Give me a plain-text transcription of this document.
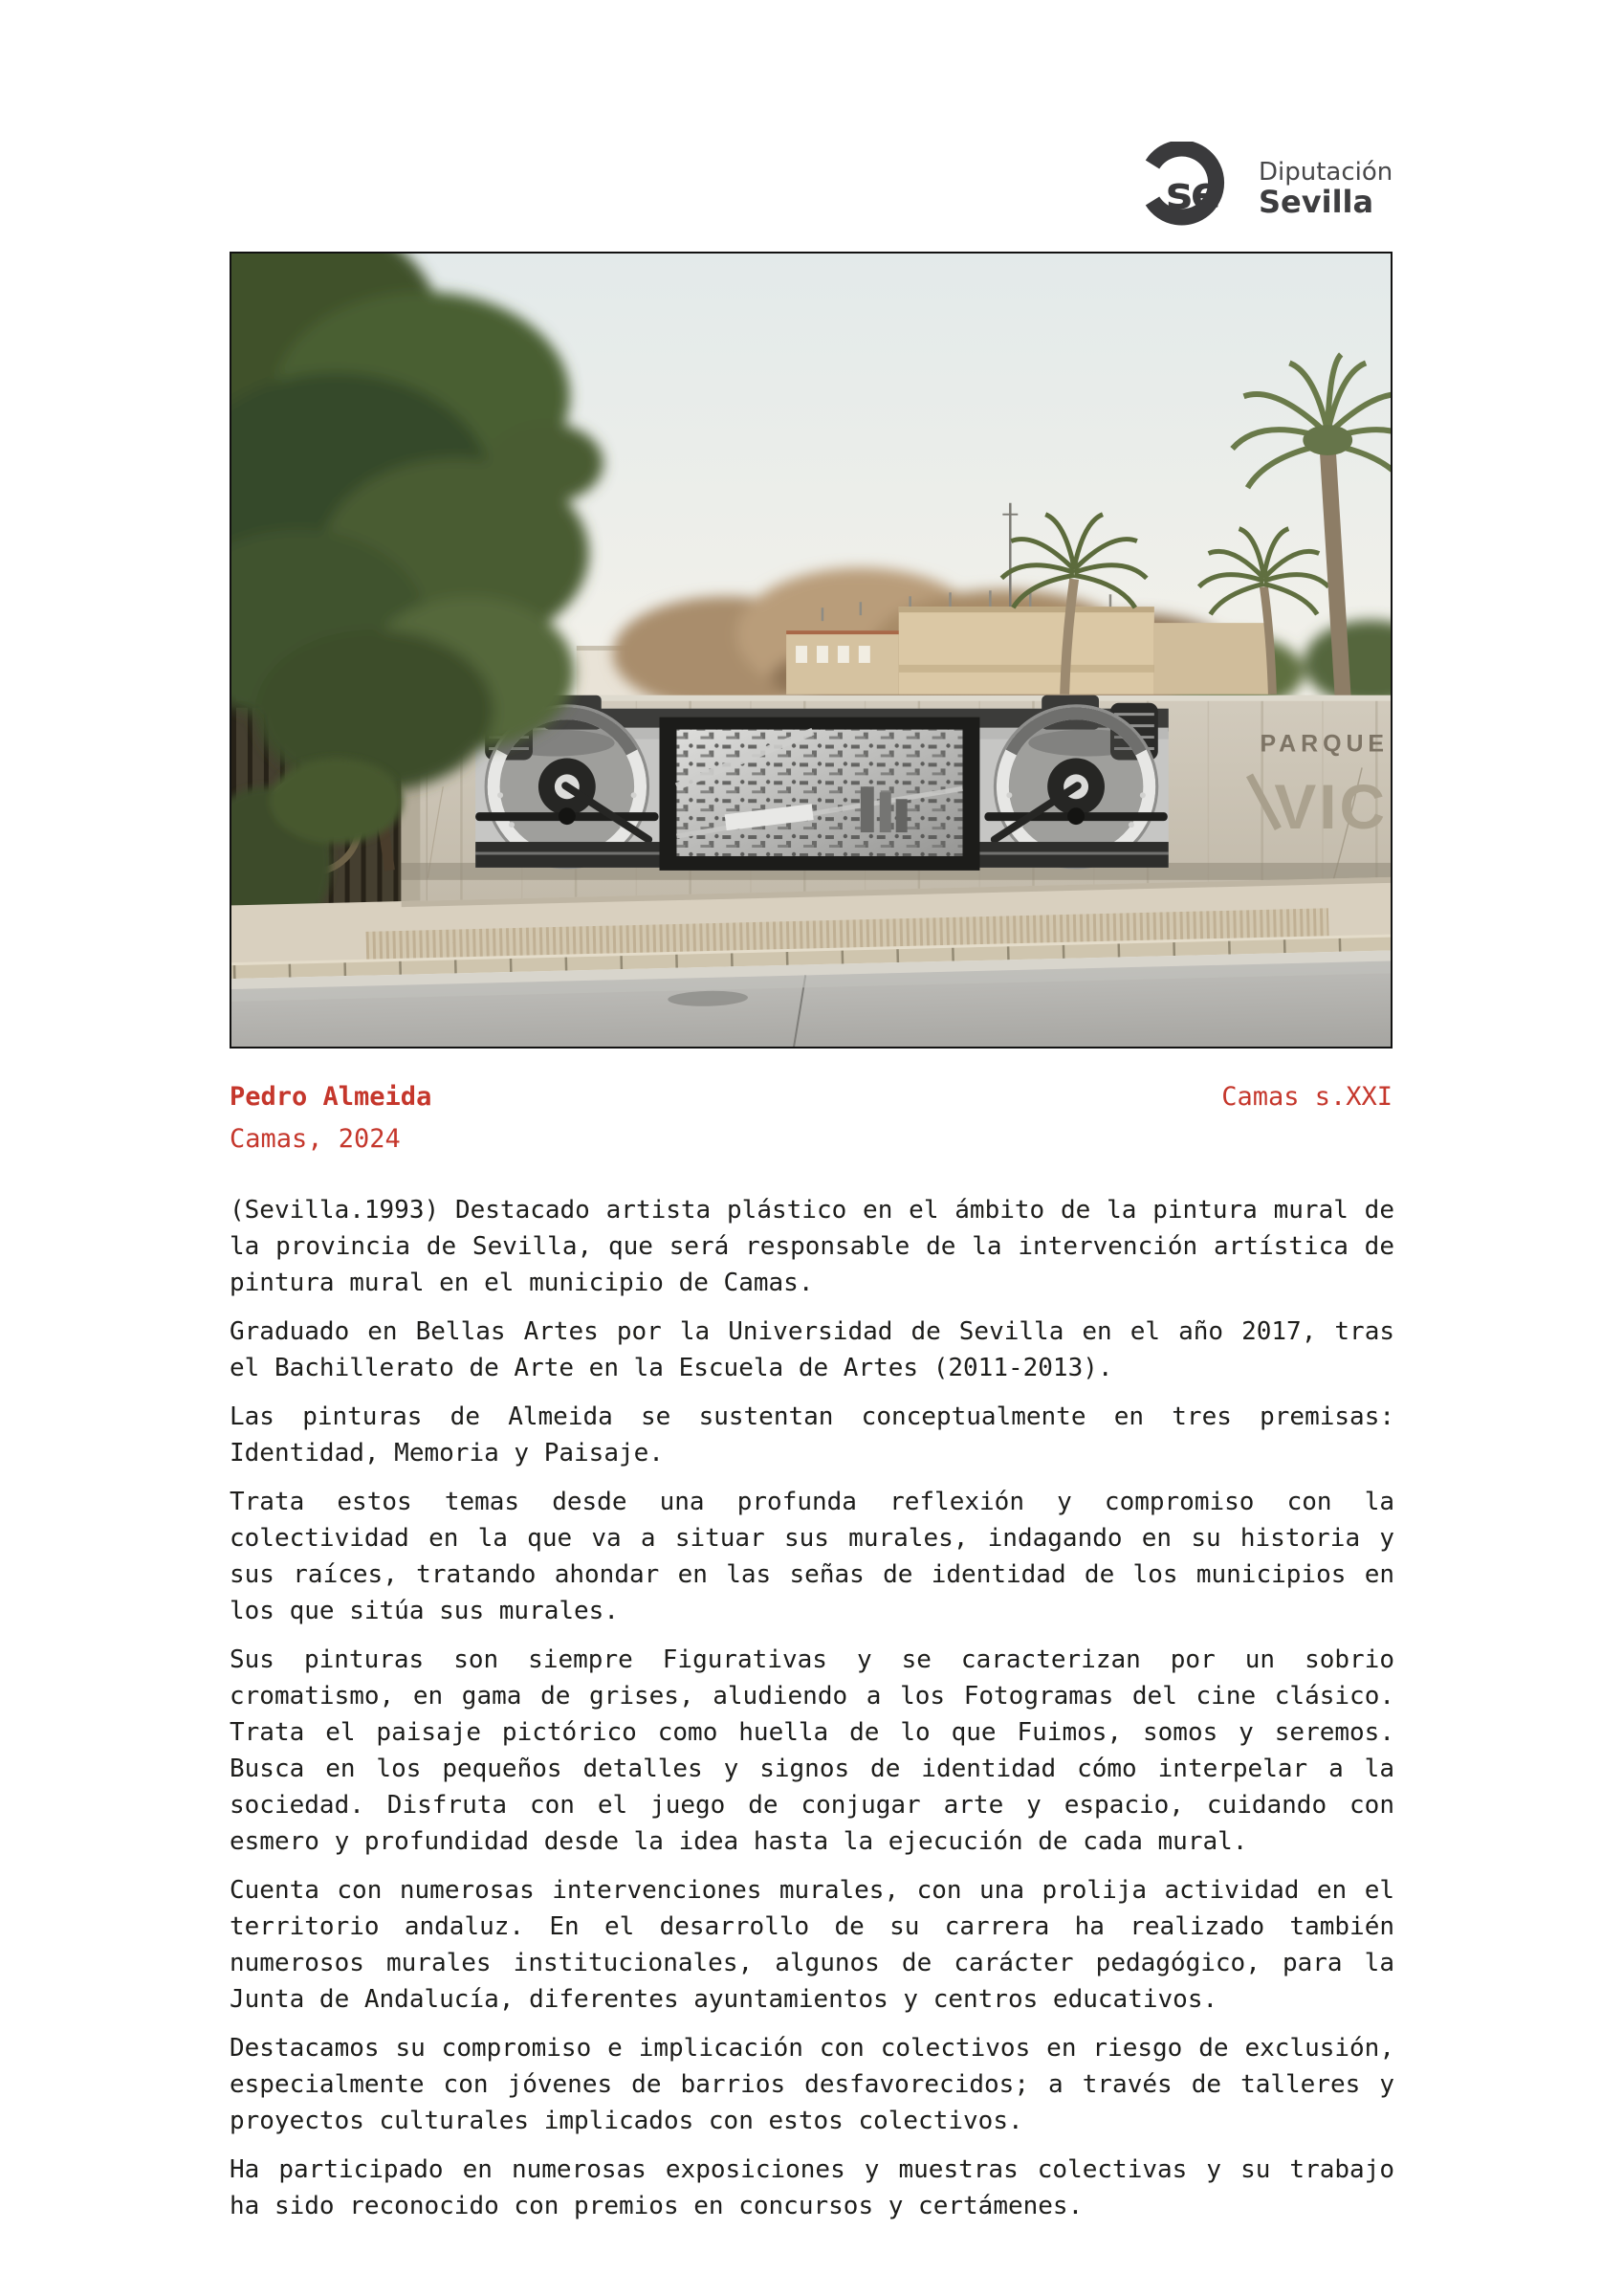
se Diputación
Sevilla
PARQUE
VIC
Pedro Almeida	Camas s.XXI
Camas, 2024

(Sevilla.1993) Destacado artista plástico en el ámbito de la pintura mural de la provincia de Sevilla, que será responsable de la intervención artística de pintura mural en el municipio de Camas.

Graduado en Bellas Artes por la Universidad de Sevilla en el año 2017, tras el Bachillerato de Arte en la Escuela de Artes (2011-2013).

Las pinturas de Almeida se sustentan conceptualmente en tres premisas: Identidad, Memoria y Paisaje.

Trata estos temas desde una profunda reflexión y compromiso con la colectividad en la que va a situar sus murales, indagando en su historia y sus raíces, tratando ahondar en las señas de identidad de los municipios en los que sitúa sus murales.

Sus pinturas son siempre Figurativas y se caracterizan por un sobrio cromatismo, en gama de grises, aludiendo a los Fotogramas del cine clásico. Trata el paisaje pictórico como huella de lo que Fuimos, somos y seremos. Busca en los pequeños detalles y signos de identidad cómo interpelar a la sociedad. Disfruta con el juego de conjugar arte y espacio, cuidando con esmero y profundidad desde la idea hasta la ejecución de cada mural.

Cuenta con numerosas intervenciones murales, con una prolija actividad en el territorio andaluz. En el desarrollo de su carrera ha realizado también numerosos murales institucionales, algunos de carácter pedagógico, para la Junta de Andalucía, diferentes ayuntamientos y centros educativos.

Destacamos su compromiso e implicación con colectivos en riesgo de exclusión, especialmente con jóvenes de barrios desfavorecidos; a través de talleres y proyectos culturales implicados con estos colectivos.

Ha participado en numerosas exposiciones y muestras colectivas y su trabajo ha sido reconocido con premios en concursos y certámenes.
